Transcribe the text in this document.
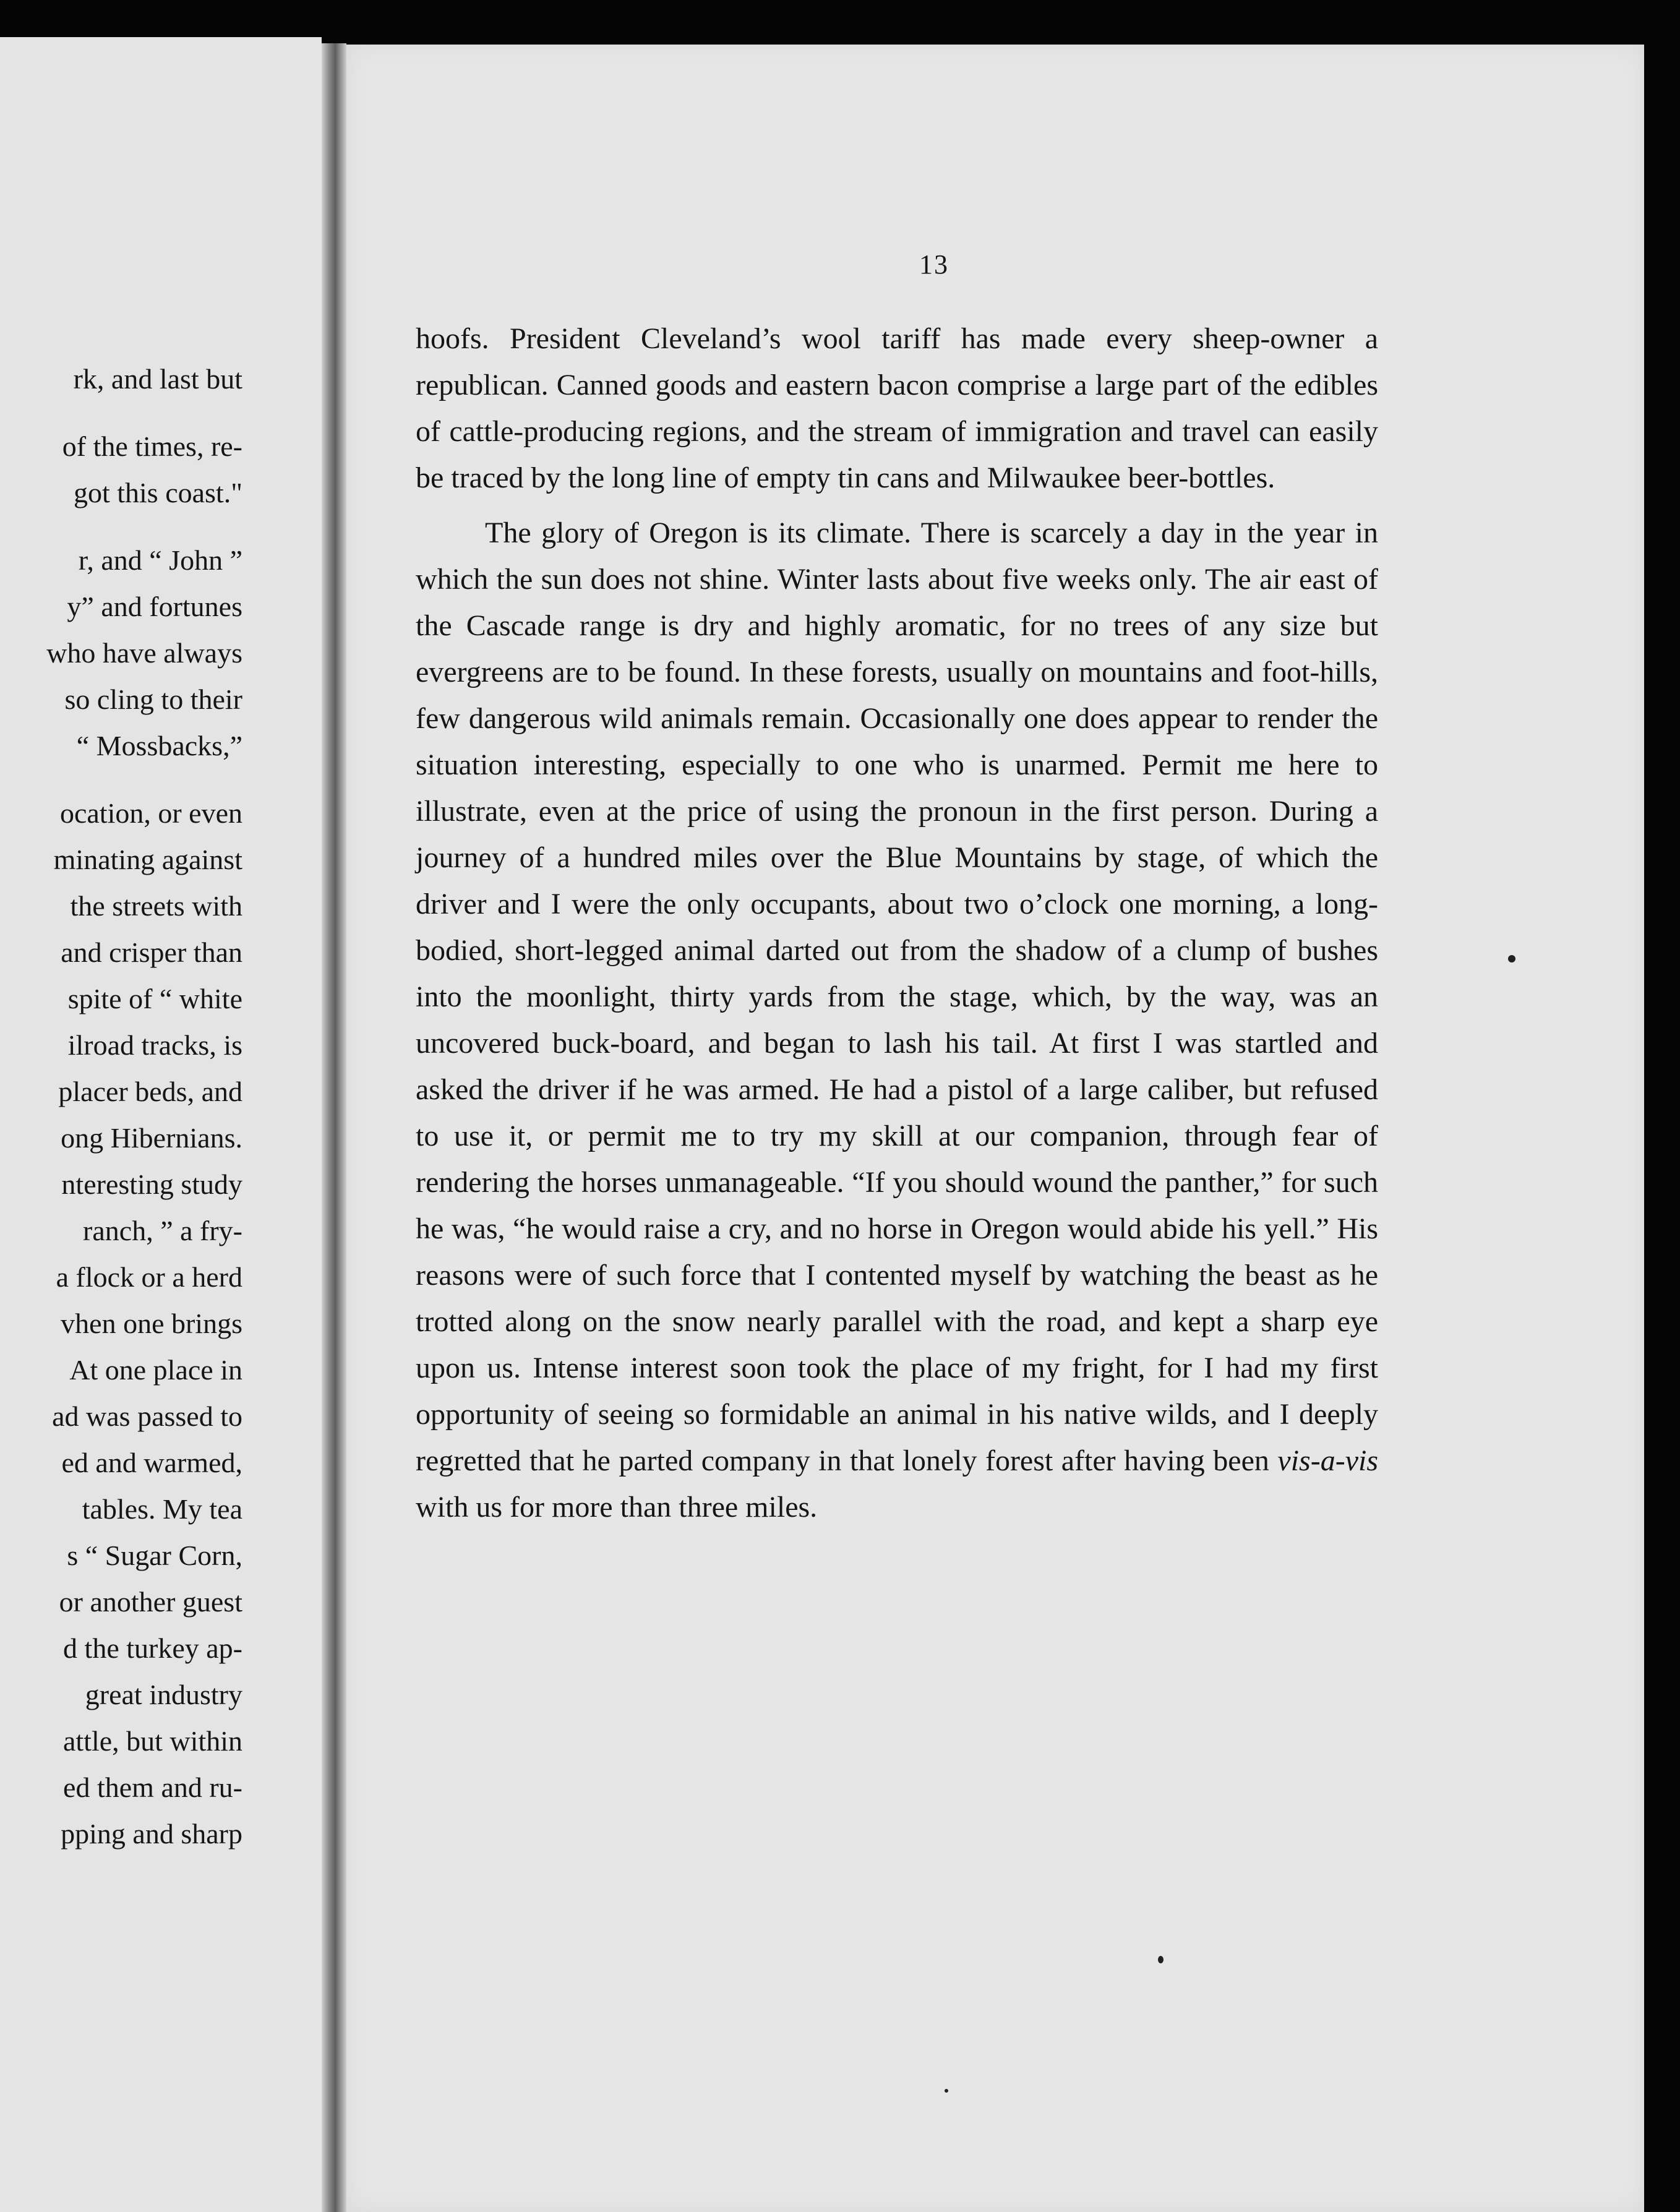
rk, and last but
of the times, re-
got this coast."
r, and “ John ”
y” and fortunes
who have always
so cling to their
“ Mossbacks,”
ocation, or even
minating against
the streets with
and crisper than
spite of “ white
ilroad tracks, is
placer beds, and
ong Hibernians.
nteresting study
ranch, ” a fry-
a flock or a herd
vhen one brings
At one place in
ad was passed to
ed and warmed,
tables. My tea
s “ Sugar Corn,
or another guest
d the turkey ap-
great industry
attle, but within
ed them and ru-
pping and sharp
13

hoofs. President Cleveland’s wool tariff has made every sheep-owner a republican. Canned goods and eastern bacon comprise a large part of the edibles of cattle-producing regions, and the stream of immigration and travel can easily be traced by the long line of empty tin cans and Milwaukee beer-bottles.

The glory of Oregon is its climate. There is scarcely a day in the year in which the sun does not shine. Winter lasts about five weeks only. The air east of the Cascade range is dry and highly aromatic, for no trees of any size but evergreens are to be found. In these forests, usually on mountains and foot-hills, few dangerous wild animals remain. Occasionally one does appear to render the situation interesting, especially to one who is unarmed. Permit me here to illustrate, even at the price of using the pronoun in the first person. During a journey of a hundred miles over the Blue Mountains by stage, of which the driver and I were the only occupants, about two o’clock one morning, a long-bodied, short-legged animal darted out from the shadow of a clump of bushes into the moonlight, thirty yards from the stage, which, by the way, was an uncovered buck-board, and began to lash his tail. At first I was startled and asked the driver if he was armed. He had a pistol of a large caliber, but refused to use it, or permit me to try my skill at our companion, through fear of rendering the horses unmanageable. “If you should wound the panther,” for such he was, “he would raise a cry, and no horse in Oregon would abide his yell.” His reasons were of such force that I contented myself by watching the beast as he trotted along on the snow nearly parallel with the road, and kept a sharp eye upon us. Intense interest soon took the place of my fright, for I had my first opportunity of seeing so formidable an animal in his native wilds, and I deeply regretted that he parted company in that lonely forest after having been vis-a-vis with us for more than three miles.
